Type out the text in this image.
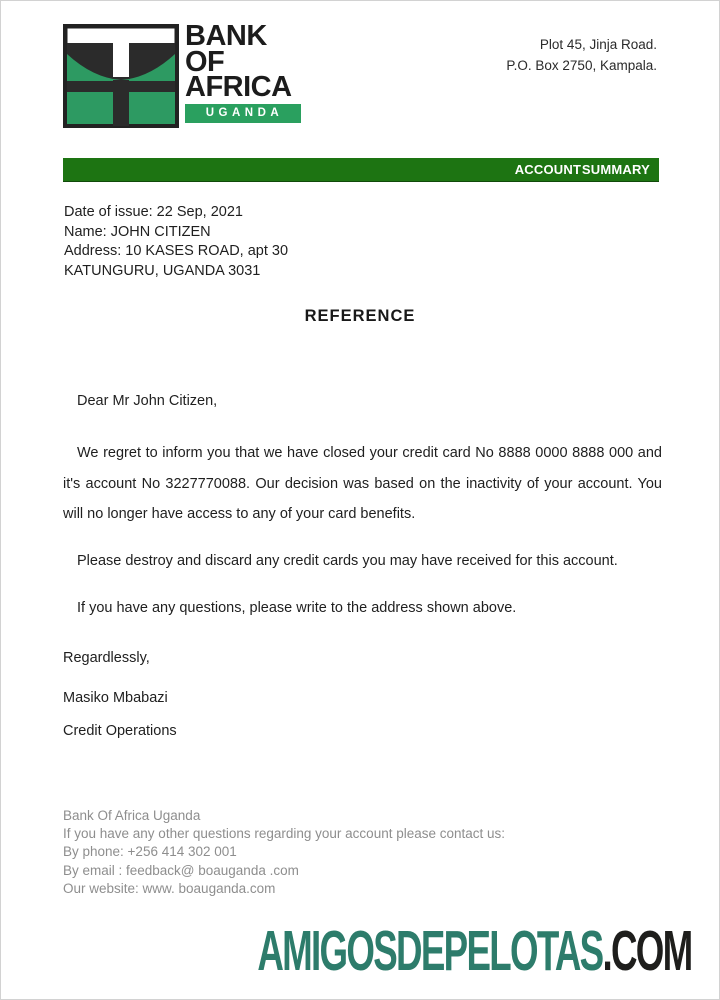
BANK
OF
AFRICA
UGANDA
Plot 45, Jinja Road.
P.O. Box 2750, Kampala.
ACCOUNT SUMMARY
Date of issue: 22 Sep, 2021
Name: JOHN CITIZEN
Address: 10 KASES ROAD, apt 30
KATUNGURU, UGANDA 3031
REFERENCE

Dear Mr John Citizen,

We regret to inform you that we have closed your credit card No 8888 0000 8888 000 and it's account No 3227770088. Our decision was based on the inactivity of your account. You will no longer have access to any of your card benefits.

Please destroy and discard any credit cards you may have received for this account.

If you have any questions, please write to the address shown above.

Regardlessly,

Masiko Mbabazi

Credit Operations

Bank Of Africa Uganda
If you have any other questions regarding your account please contact us:
By phone: +256 414 302 001
By email : feedback@ boauganda .com
Our website: www. boauganda.com
AMIGOSDEPELOTAS.COM
